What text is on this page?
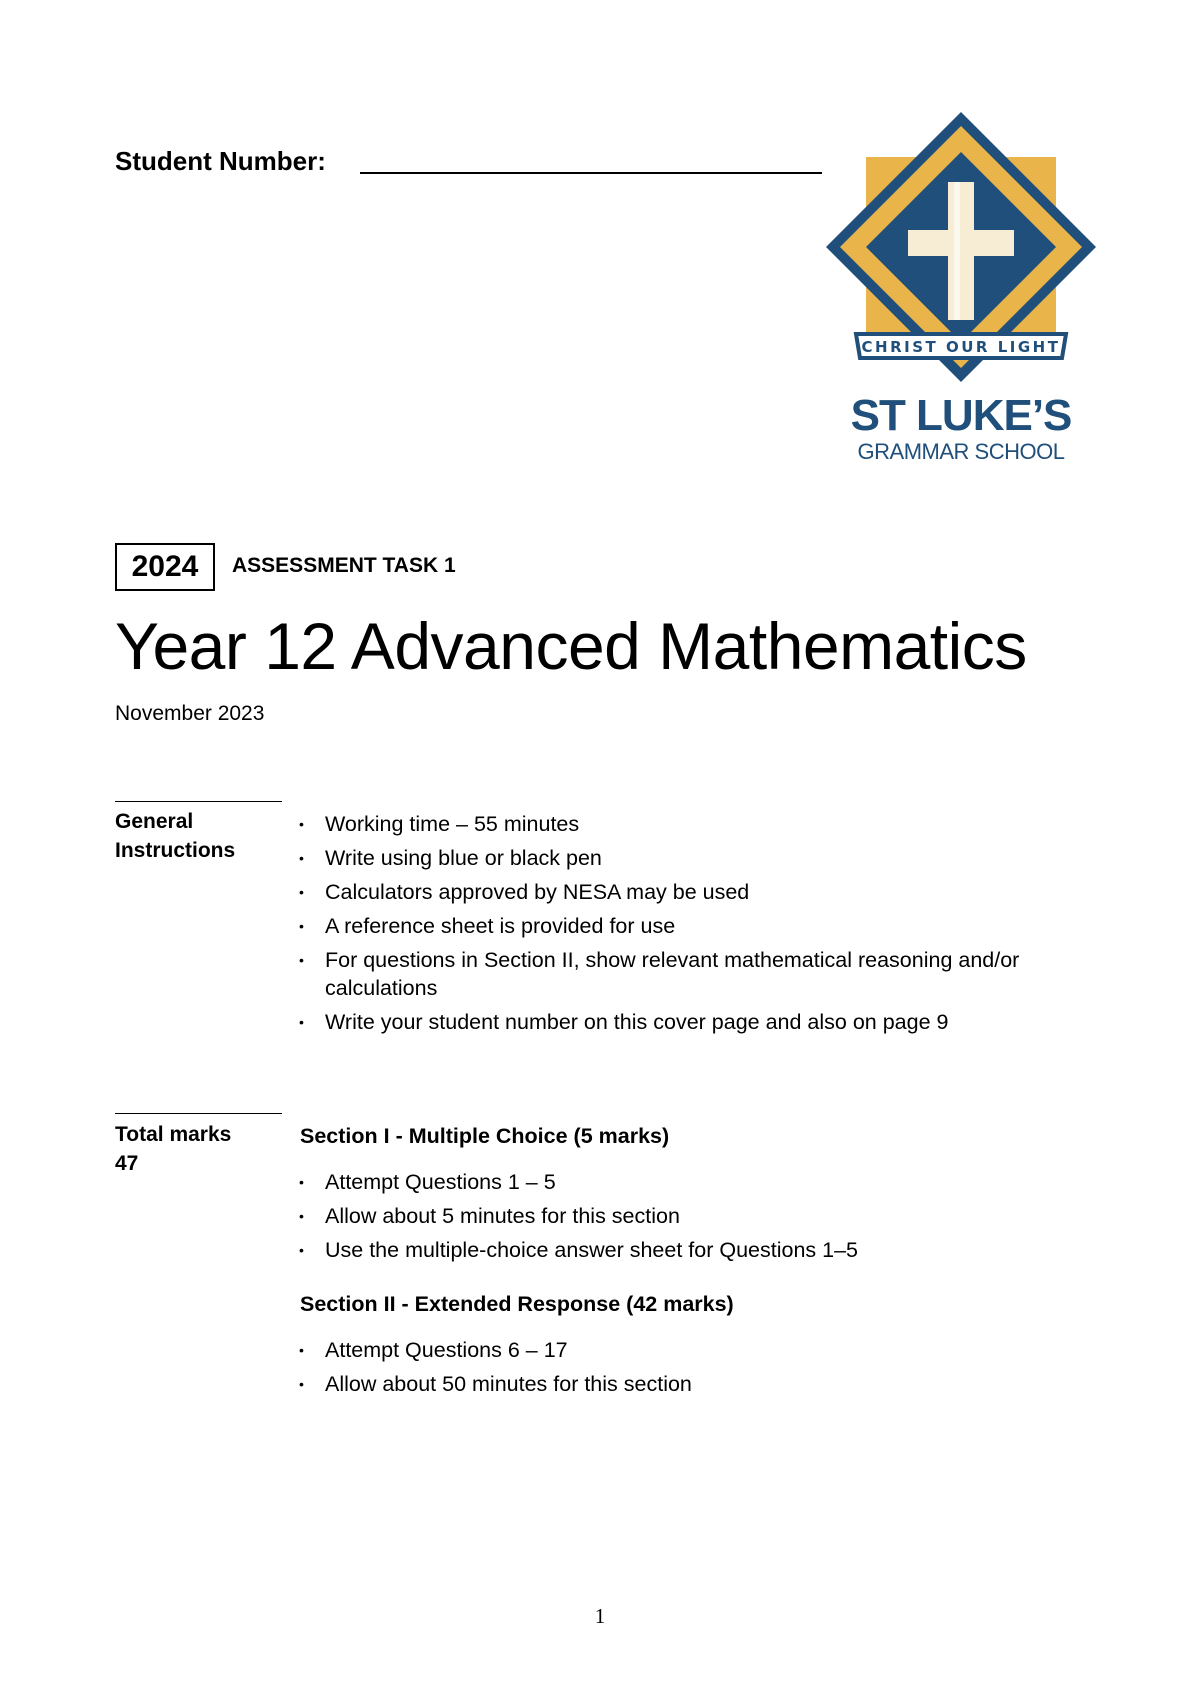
Student Number:
CHRIST OUR LIGHT
ST LUKE’S
GRAMMAR SCHOOL
2024	ASSESSMENT TASK 1
Year 12 Advanced Mathematics
November 2023
General
Instructions
• Working time – 55 minutes
• Write using blue or black pen
• Calculators approved by NESA may be used
• A reference sheet is provided for use
• For questions in Section II, show relevant mathematical reasoning and/or calculations
• Write your student number on this cover page and also on page 9
Total marks
47
Section I - Multiple Choice (5 marks)
• Attempt Questions 1 – 5
• Allow about 5 minutes for this section
• Use the multiple-choice answer sheet for Questions 1–5
Section II - Extended Response (42 marks)
• Attempt Questions 6 – 17
• Allow about 50 minutes for this section
1
